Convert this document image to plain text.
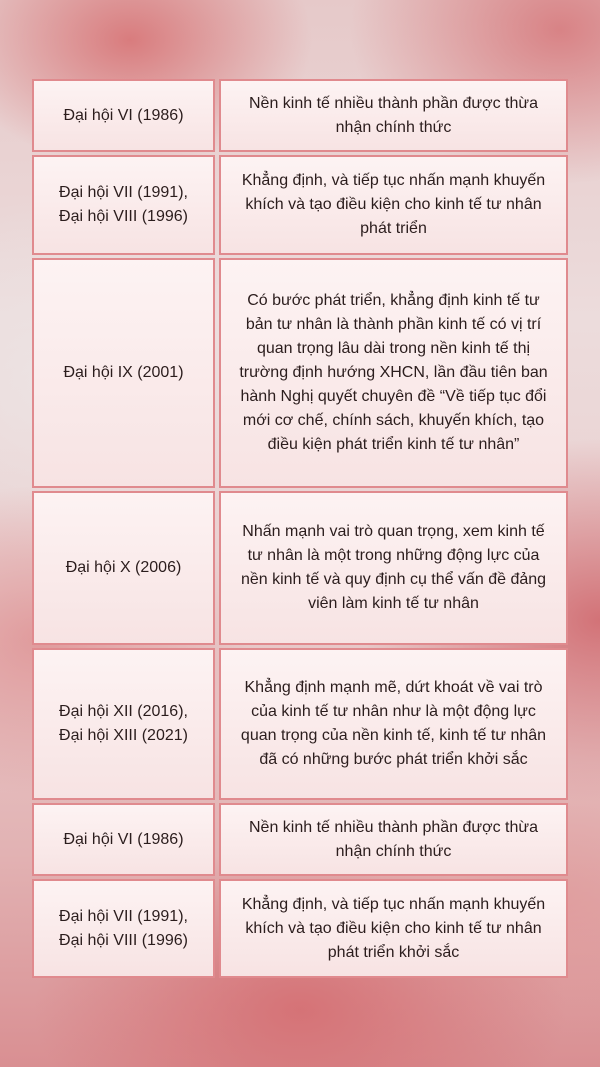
Đại hội VI (1986)
Nền kinh tế nhiều thành phần được thừa nhận chính thức
Đại hội VII (1991),
Đại hội VIII (1996)
Khẳng định, và tiếp tục nhấn mạnh khuyến khích và tạo điều kiện cho kinh tế tư nhân phát triển
Đại hội IX (2001)
Có bước phát triển, khẳng định kinh tế tư bản tư nhân là thành phần kinh tế có vị trí quan trọng lâu dài trong nền kinh tế thị trường định hướng XHCN, lần đầu tiên ban hành Nghị quyết chuyên đề “Về tiếp tục đổi mới cơ chế, chính sách, khuyến khích, tạo điều kiện phát triển kinh tế tư nhân”
Đại hội X (2006)
Nhấn mạnh vai trò quan trọng, xem kinh tế tư nhân là một trong những động lực của nền kinh tế và quy định cụ thể vấn đề đảng viên làm kinh tế tư nhân
Đại hội XII (2016),
Đại hội XIII (2021)
Khẳng định mạnh mẽ, dứt khoát về vai trò của kinh tế tư nhân như là một động lực quan trọng của nền kinh tế, kinh tế tư nhân đã có những bước phát triển khởi sắc
Đại hội VI (1986)
Nền kinh tế nhiều thành phần được thừa nhận chính thức
Đại hội VII (1991),
Đại hội VIII (1996)
Khẳng định, và tiếp tục nhấn mạnh khuyến khích và tạo điều kiện cho kinh tế tư nhân phát triển khởi sắc
